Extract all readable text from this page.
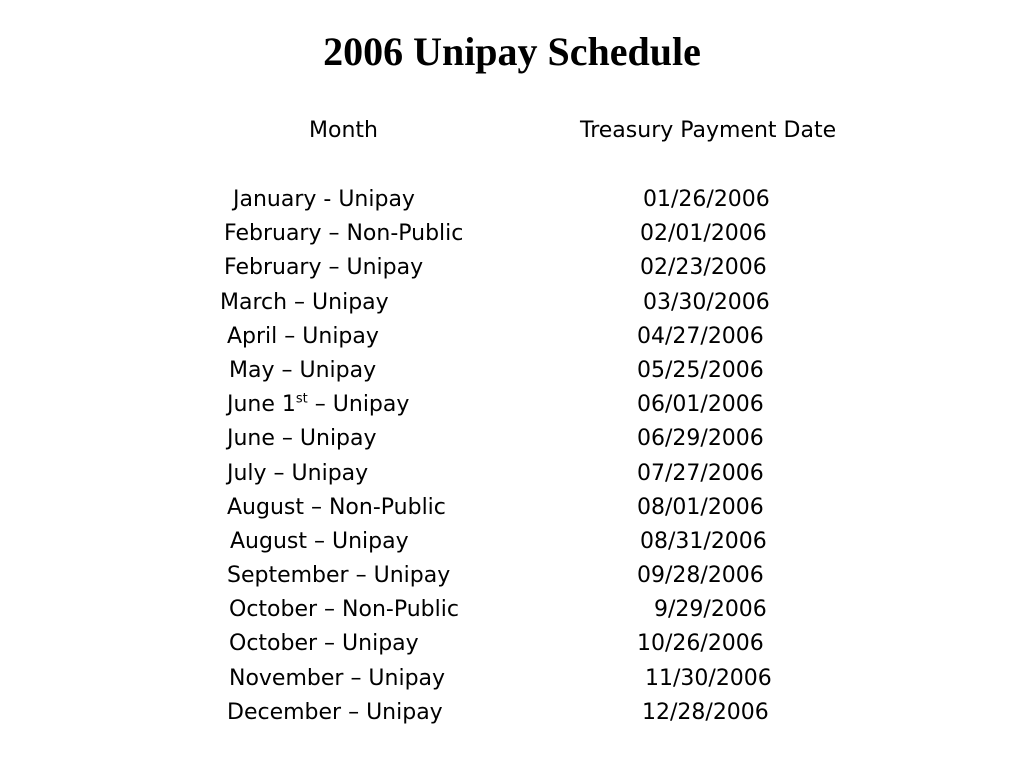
2006 Unipay Schedule
Month	Treasury Payment Date
January - Unipay	01/26/2006
February – Non-Public	02/01/2006
February – Unipay	02/23/2006
March – Unipay	03/30/2006
April – Unipay	04/27/2006
May – Unipay	05/25/2006
June 1st – Unipay	06/01/2006
June – Unipay	06/29/2006
July – Unipay	07/27/2006
August – Non-Public	08/01/2006
August – Unipay	08/31/2006
September – Unipay	09/28/2006
October – Non-Public	9/29/2006
October – Unipay	10/26/2006
November – Unipay	11/30/2006
December – Unipay	12/28/2006
